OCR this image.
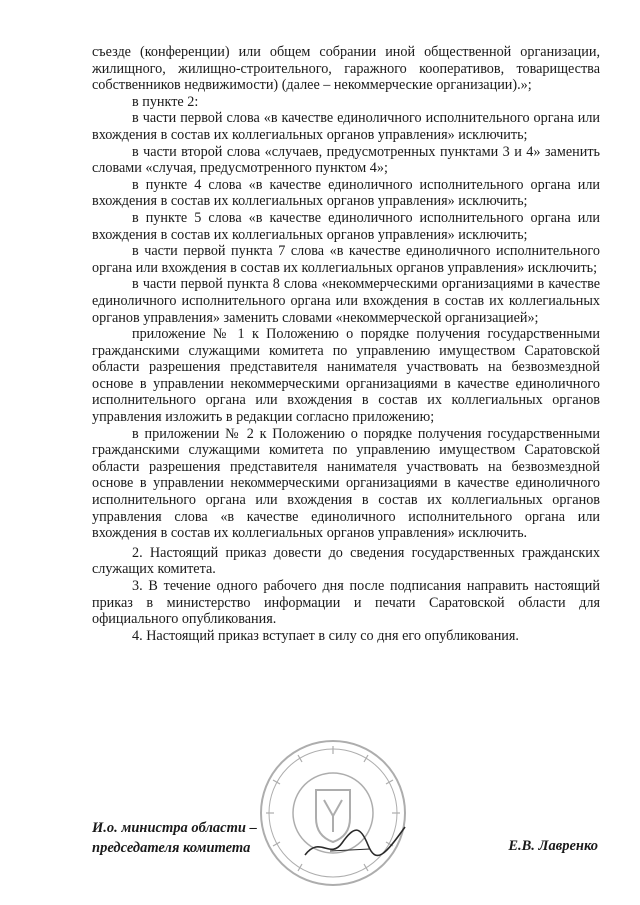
съезде (конференции) или общем собрании иной общественной организации, жилищного, жилищно-строительного, гаражного кооперативов, товарищества собственников недвижимости) (далее – некоммерческие организации).»;

в пункте 2:

в части первой слова «в качестве единоличного исполнительного органа или вхождения в состав их коллегиальных органов управления» исключить;

в части второй слова «случаев, предусмотренных пунктами 3 и 4» заменить словами «случая, предусмотренного пунктом 4»;

в пункте 4 слова «в качестве единоличного исполнительного органа или вхождения в состав их коллегиальных органов управления» исключить;

в пункте 5 слова «в качестве единоличного исполнительного органа или вхождения в состав их коллегиальных органов управления» исключить;

в части первой пункта 7 слова «в качестве единоличного исполнительного органа или вхождения в состав их коллегиальных органов управления» исключить;

в части первой пункта 8 слова «некоммерческими организациями в качестве единоличного исполнительного органа или вхождения в состав их коллегиальных органов управления» заменить словами «некоммерческой организацией»;

приложение № 1 к Положению о порядке получения государственными гражданскими служащими комитета по управлению имуществом Саратовской области разрешения представителя нанимателя участвовать на безвозмездной основе в управлении некоммерческими организациями в качестве единоличного исполнительного органа или вхождения в состав их коллегиальных органов управления изложить в редакции согласно приложению;

в приложении № 2 к Положению о порядке получения государственными гражданскими служащими комитета по управлению имуществом Саратовской области разрешения представителя нанимателя участвовать на безвозмездной основе в управлении некоммерческими организациями в качестве единоличного исполнительного органа или вхождения в состав их коллегиальных органов управления слова «в качестве единоличного исполнительного органа или вхождения в состав их коллегиальных органов управления» исключить.

2. Настоящий приказ довести до сведения государственных гражданских служащих комитета.

3. В течение одного рабочего дня после подписания направить настоящий приказ в министерство информации и печати Саратовской области для официального опубликования.

4. Настоящий приказ вступает в силу со дня его опубликования.

И.о. министра области –
председателя комитета	Е.В. Лавренко
